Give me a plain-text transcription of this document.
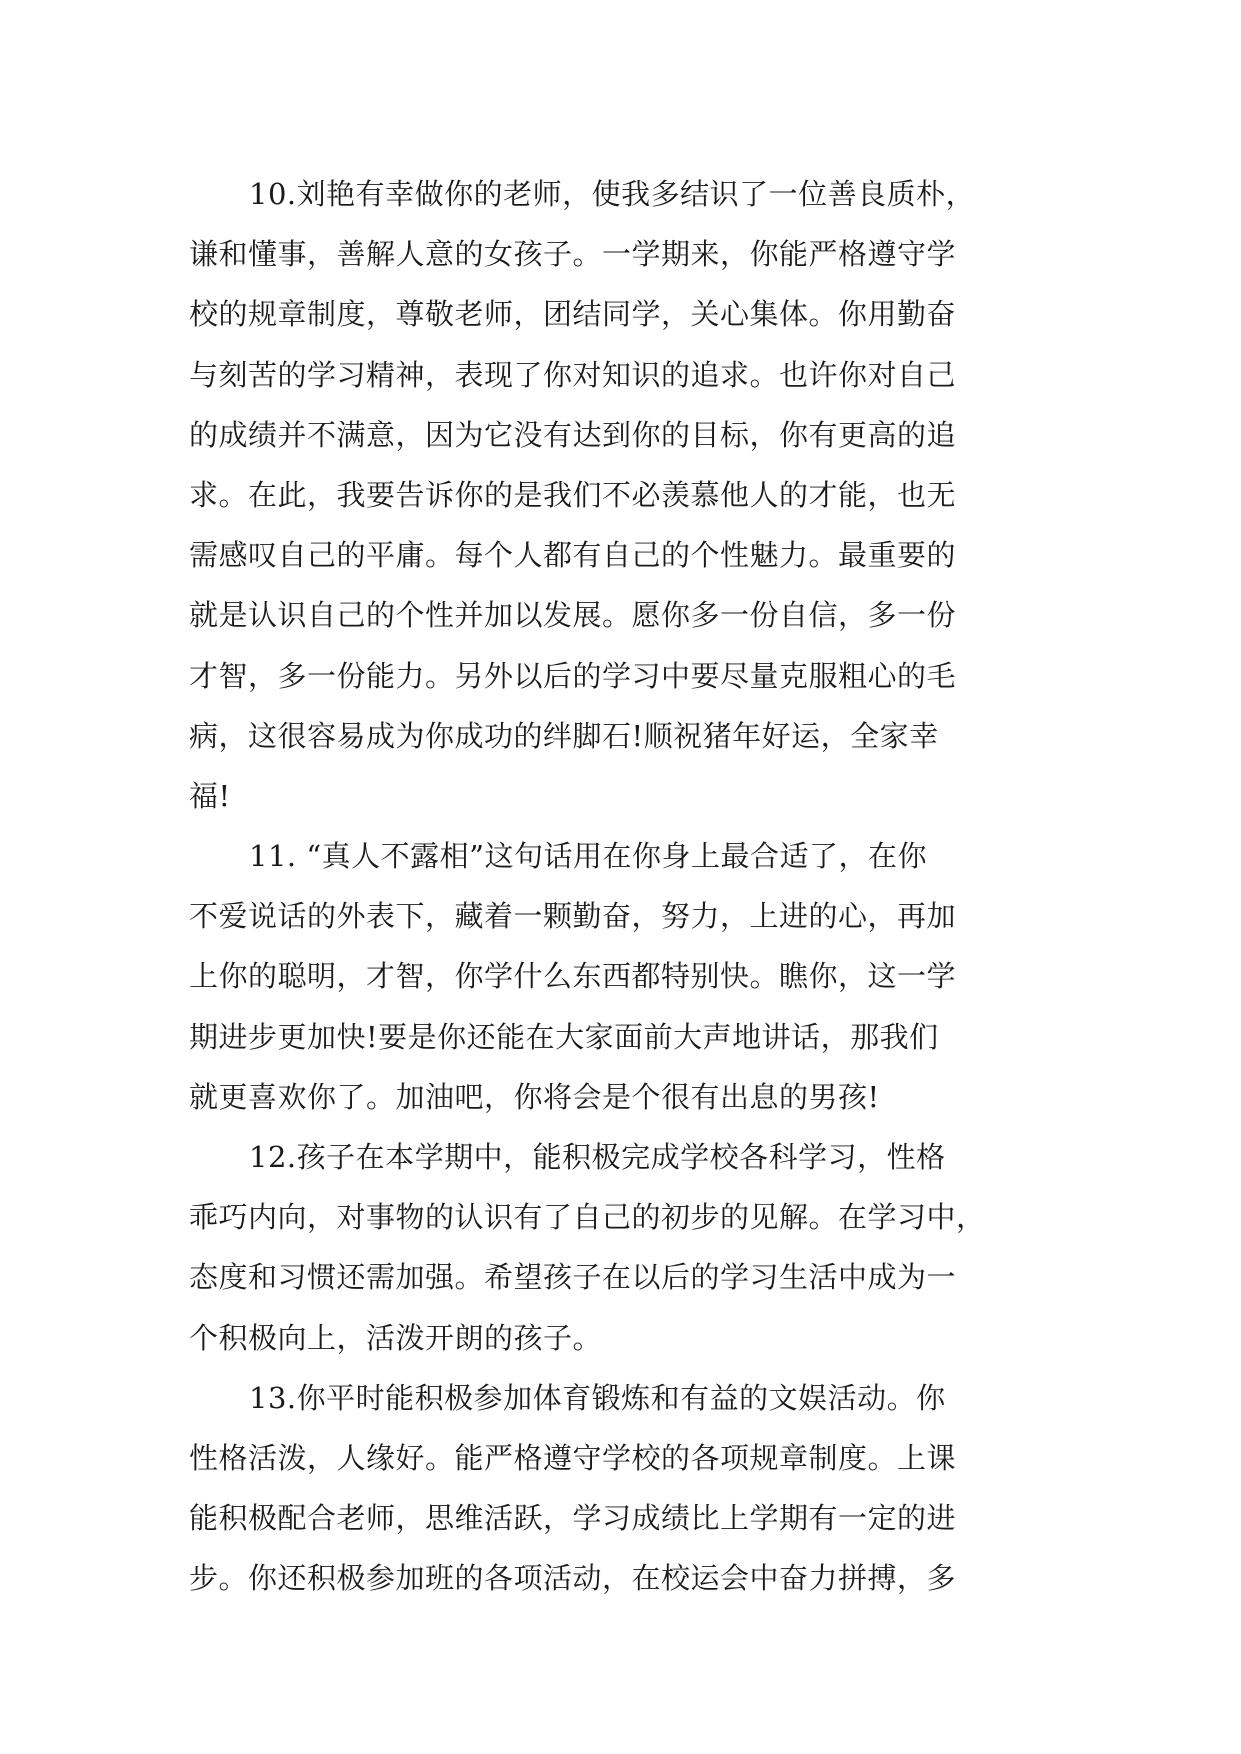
10.刘艳有幸做你的老师，使我多结识了一位善良质朴，
谦和懂事，善解人意的女孩子。一学期来，你能严格遵守学
校的规章制度，尊敬老师，团结同学，关心集体。你用勤奋
与刻苦的学习精神，表现了你对知识的追求。也许你对自己
的成绩并不满意，因为它没有达到你的目标，你有更高的追
求。在此，我要告诉你的是我们不必羡慕他人的才能，也无
需感叹自己的平庸。每个人都有自己的个性魅力。最重要的
就是认识自己的个性并加以发展。愿你多一份自信，多一份
才智，多一份能力。另外以后的学习中要尽量克服粗心的毛
病，这很容易成为你成功的绊脚石!顺祝猪年好运，全家幸
福!
11. “真人不露相”这句话用在你身上最合适了，在你
不爱说话的外表下，藏着一颗勤奋，努力，上进的心，再加
上你的聪明，才智，你学什么东西都特别快。瞧你，这一学
期进步更加快!要是你还能在大家面前大声地讲话，那我们
就更喜欢你了。加油吧，你将会是个很有出息的男孩!
12.孩子在本学期中，能积极完成学校各科学习，性格
乖巧内向，对事物的认识有了自己的初步的见解。在学习中，
态度和习惯还需加强。希望孩子在以后的学习生活中成为一
个积极向上，活泼开朗的孩子。
13.你平时能积极参加体育锻炼和有益的文娱活动。你
性格活泼，人缘好。能严格遵守学校的各项规章制度。上课
能积极配合老师，思维活跃，学习成绩比上学期有一定的进
步。你还积极参加班的各项活动，在校运会中奋力拼搏，多
